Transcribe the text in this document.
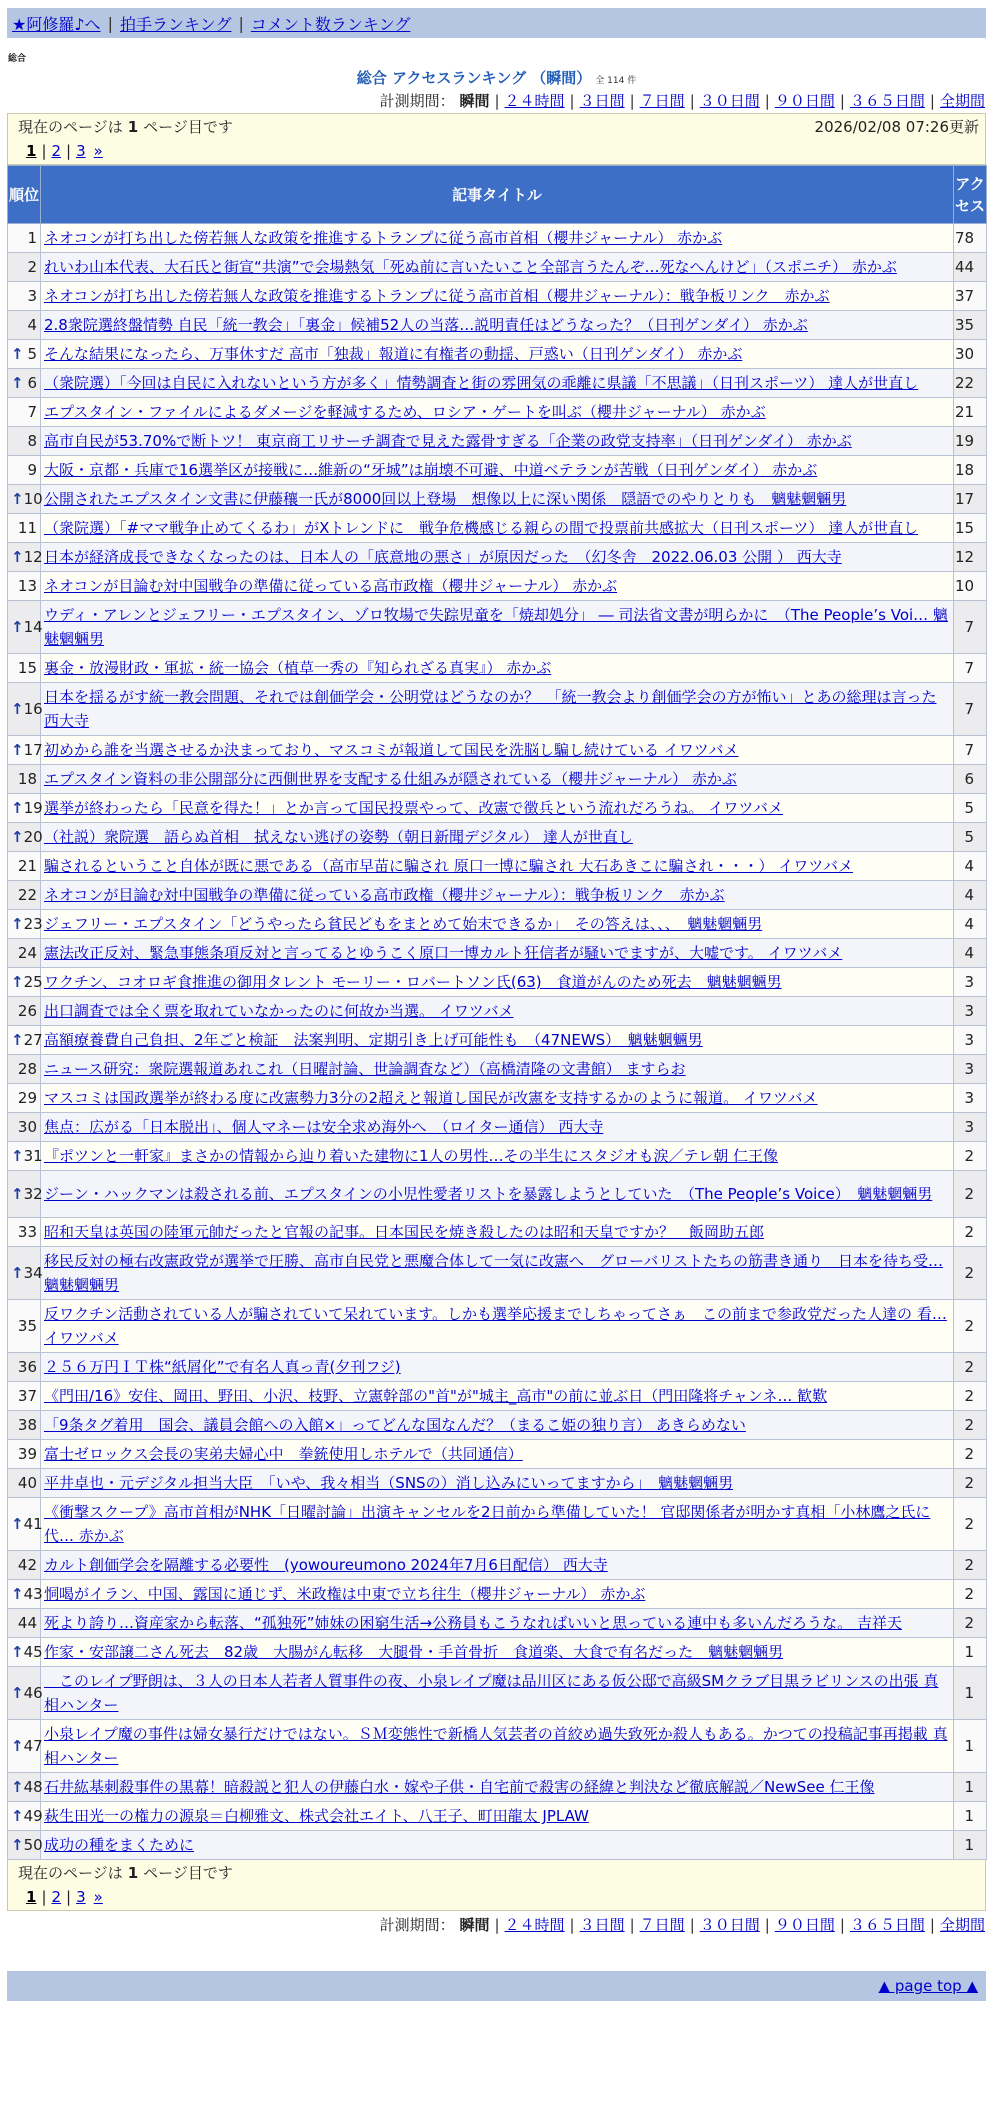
★阿修羅♪へ | 拍手ランキング | コメント数ランキング
総合
総合 アクセスランキング （瞬間） 全 114 件
計測期間： 瞬間 | ２４時間 | ３日間 | ７日間 | ３０日間 | ９０日間 | ３６５日間 | 全期間
現在のページは 1 ページ目です	2026/02/08 07:26更新
1 | 2 | 3 »
順位	記事タイトル	アクセス
1	ネオコンが打ち出した傍若無人な政策を推進するトランプに従う高市首相（櫻井ジャーナル） 赤かぶ	78
2	れいわ山本代表、大石氏と街宣“共演”で会場熱気「死ぬ前に言いたいこと全部言うたんぞ…死なへんけど」（スポニチ） 赤かぶ	44
3	ネオコンが打ち出した傍若無人な政策を推進するトランプに従う高市首相（櫻井ジャーナル）：戦争板リンク　赤かぶ	37
4	2.8衆院選終盤情勢 自民「統一教会」「裏金」候補52人の当落…説明責任はどうなった？（日刊ゲンダイ） 赤かぶ	35

↑ 5	そんな結果になったら、万事休すだ 高市「独裁」報道に有権者の動揺、戸惑い（日刊ゲンダイ） 赤かぶ	30

↑ 6	（衆院選）「今回は自民に入れないという方が多く」情勢調査と街の雰囲気の乖離に県議「不思議」（日刊スポーツ） 達人が世直し	22
7	エプスタイン・ファイルによるダメージを軽減するため、ロシア・ゲートを叫ぶ（櫻井ジャーナル） 赤かぶ	21
8	高市自民が53.70%で断トツ！ 東京商工リサーチ調査で見えた露骨すぎる「企業の政党支持率」（日刊ゲンダイ） 赤かぶ	19
9	大阪・京都・兵庫で16選挙区が接戦に…維新の“牙城”は崩壊不可避、中道ベテランが苦戦（日刊ゲンダイ） 赤かぶ	18

↑ 10	公開されたエプスタイン文書に伊藤穰一氏が8000回以上登場　想像以上に深い関係　隠語でのやりとりも　魑魅魍魎男	17
11	（衆院選）「#ママ戦争止めてくるわ」がXトレンドに　戦争危機感じる親らの間で投票前共感拡大（日刊スポーツ） 達人が世直し	15

↑ 12	日本が経済成長できなくなったのは、日本人の「底意地の悪さ」が原因だった　（幻冬舎　2022.06.03 公開 ） 西大寺	12
13	ネオコンが目論む対中国戦争の準備に従っている高市政権（櫻井ジャーナル） 赤かぶ	10

↑ 14	ウディ・アレンとジェフリー・エプスタイン、ゾロ牧場で失踪児童を「焼却処分」 ― 司法省文書が明らかに　（The People’s Voi… 魑魅魍魎男	7
15	裏金・放漫財政・軍拡・統一協会（植草一秀の『知られざる真実』） 赤かぶ	7

↑ 16	日本を揺るがす統一教会問題、それでは創価学会・公明党はどうなのか？　「統一教会より創価学会の方が怖い」とあの総理は言った 西大寺	7

↑ 17	初めから誰を当選させるか決まっており、マスコミが報道して国民を洗脳し騙し続けている イワツバメ	7
18	エプスタイン資料の非公開部分に西側世界を支配する仕組みが隠されている（櫻井ジャーナル） 赤かぶ	6

↑ 19	選挙が終わったら「民意を得た！」とか言って国民投票やって、改憲で徴兵という流れだろうね。 イワツバメ	5

↑ 20	（社説）衆院選　語らぬ首相　拭えない逃げの姿勢（朝日新聞デジタル） 達人が世直し	5
21	騙されるということ自体が既に悪である（高市早苗に騙され 原口一博に騙され 大石あきこに騙され・・・） イワツバメ	4
22	ネオコンが目論む対中国戦争の準備に従っている高市政権（櫻井ジャーナル）：戦争板リンク　赤かぶ	4

↑ 23	ジェフリー・エプスタイン「どうやったら貧民どもをまとめて始末できるか」　その答えは、、、　魑魅魍魎男	4
24	憲法改正反対、緊急事態条項反対と言ってるとゆうこく原口一博カルト狂信者が騒いでますが、大嘘です。 イワツバメ	4

↑ 25	ワクチン、コオロギ食推進の御用タレント モーリー・ロバートソン氏(63)　食道がんのため死去　魑魅魍魎男	3
26	出口調査では全く票を取れていなかったのに何故か当選。 イワツバメ	3

↑ 27	高額療養費自己負担、2年ごと検証　法案判明、定期引き上げ可能性も　（47NEWS）　魑魅魍魎男	3
28	ニュース研究：衆院選報道あれこれ（日曜討論、世論調査など）（高橋清隆の文書館） ますらお	3
29	マスコミは国政選挙が終わる度に改憲勢力3分の2超えと報道し国民が改憲を支持するかのように報道。 イワツバメ	3
30	焦点：広がる「日本脱出」、個人マネーは安全求め海外へ　（ロイター通信） 西大寺	3

↑ 31	『ポツンと一軒家』まさかの情報から辿り着いた建物に1人の男性…その半生にスタジオも涙／テレ朝 仁王像	2

↑ 32	ジーン・ハックマンは殺される前、エプスタインの小児性愛者リストを暴露しようとしていた　（The People’s Voice）　魑魅魍魎男	2
33	昭和天皇は英国の陸軍元帥だったと官報の記事。日本国民を焼き殺したのは昭和天皇ですか？　飯岡助五郎	2

↑ 34	移民反対の極右改憲政党が選挙で圧勝、高市自民党と悪魔合体して一気に改憲へ　グローバリストたちの筋書き通り　日本を待ち受… 魑魅魍魎男	2
35	反ワクチン活動されている人が騙されていて呆れています。しかも選挙応援までしちゃってさぁ　この前まで参政党だった人達の 看… イワツバメ	2
36	２５６万円ＩＴ株“紙屑化”で有名人真っ青(夕刊フジ)	2
37	《門田/16》安住、岡田、野田、小沢、枝野、立憲幹部の"首"が"城主_高市"の前に並ぶ日（門田隆将チャンネ… 歓歎	2
38	「9条タグ着用　国会、議員会館への入館×」ってどんな国なんだ？（まるこ姫の独り言） あきらめない	2
39	富士ゼロックス会長の実弟夫婦心中　拳銃使用しホテルで（共同通信）	2
40	平井卓也・元デジタル担当大臣　「いや、我々相当（SNSの）消し込みにいってますから」　魑魅魍魎男	2

↑ 41	《衝撃スクープ》高市首相がNHK「日曜討論」出演キャンセルを2日前から準備していた！ 官邸関係者が明かす真相「小林鷹之氏に代… 赤かぶ	2
42	カルト創価学会を隔離する必要性　(yowoureumono 2024年7月6日配信） 西大寺	2

↑ 43	恫喝がイラン、中国、露国に通じず、米政権は中東で立ち往生（櫻井ジャーナル） 赤かぶ	2
44	死より誇り…資産家から転落、“孤独死”姉妹の困窮生活→公務員もこうなればいいと思っている連中も多いんだろうな。 吉祥天	2

↑ 45	作家・安部譲二さん死去　82歳　大腸がん転移　大腿骨・手首骨折　食道楽、大食で有名だった　魑魅魍魎男	1

↑ 46	　このレイプ野朗は、３人の日本人若者人質事件の夜、小泉レイプ魔は品川区にある仮公邸で高級SMクラブ目黒ラビリンスの出張 真相ハンター	1

↑ 47	小泉レイプ魔の事件は婦女暴行だけではない。ＳＭ変態性で新橋人気芸者の首絞め過失致死か殺人もある。かつての投稿記事再掲載 真相ハンター	1

↑ 48	石井紘基刺殺事件の黒幕！暗殺説と犯人の伊藤白水・嫁や子供・自宅前で殺害の経緯と判決など徹底解説／NewSee 仁王像	1

↑ 49	萩生田光一の権力の源泉＝白柳雅文、株式会社エイト、八王子、町田龍太 JPLAW	1

↑ 50	成功の種をまくために	1
現在のページは 1 ページ目です
1 | 2 | 3 »
計測期間： 瞬間 | ２４時間 | ３日間 | ７日間 | ３０日間 | ９０日間 | ３６５日間 | 全期間
▲ page top ▲
